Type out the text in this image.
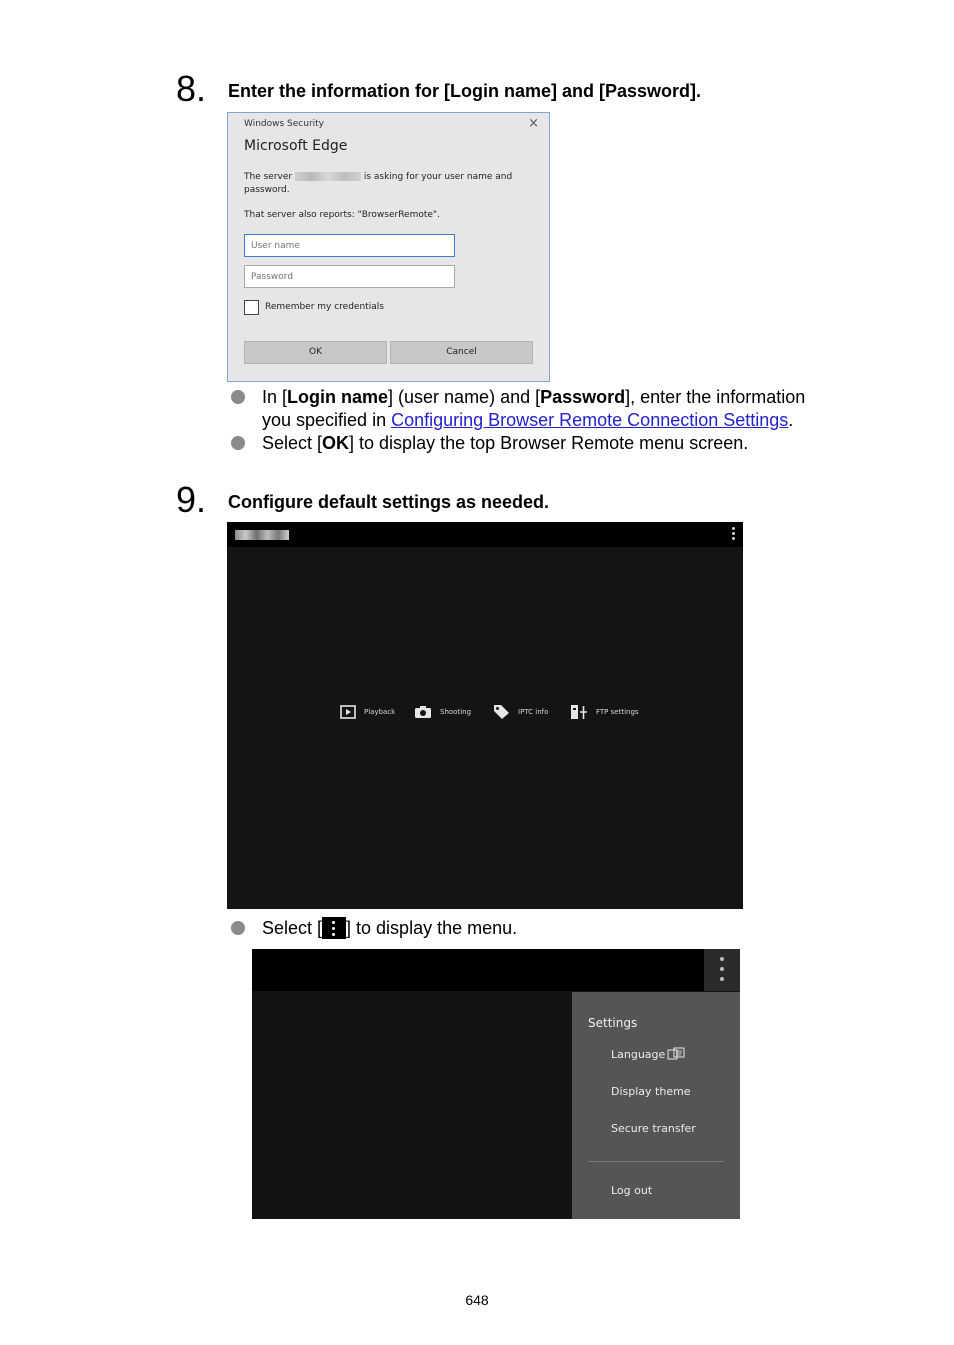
8. Enter the information for [Login name] and [Password].
Windows Security	×
Microsoft Edge
The server	is asking for your user name and password.
That server also reports: "BrowserRemote".
User name
Remember my credentials
OK	Cancel
In [Login name] (user name) and [Password], enter the information
you specified in Configuring Browser Remote Connection Settings.
Select [OK] to display the top Browser Remote menu screen.
9. Configure default settings as needed.
Playback	Shooting	IPTC info	FTP settings
Select [ ] to display the menu.
Settings
Language
Display theme
Secure transfer
Log out
648
